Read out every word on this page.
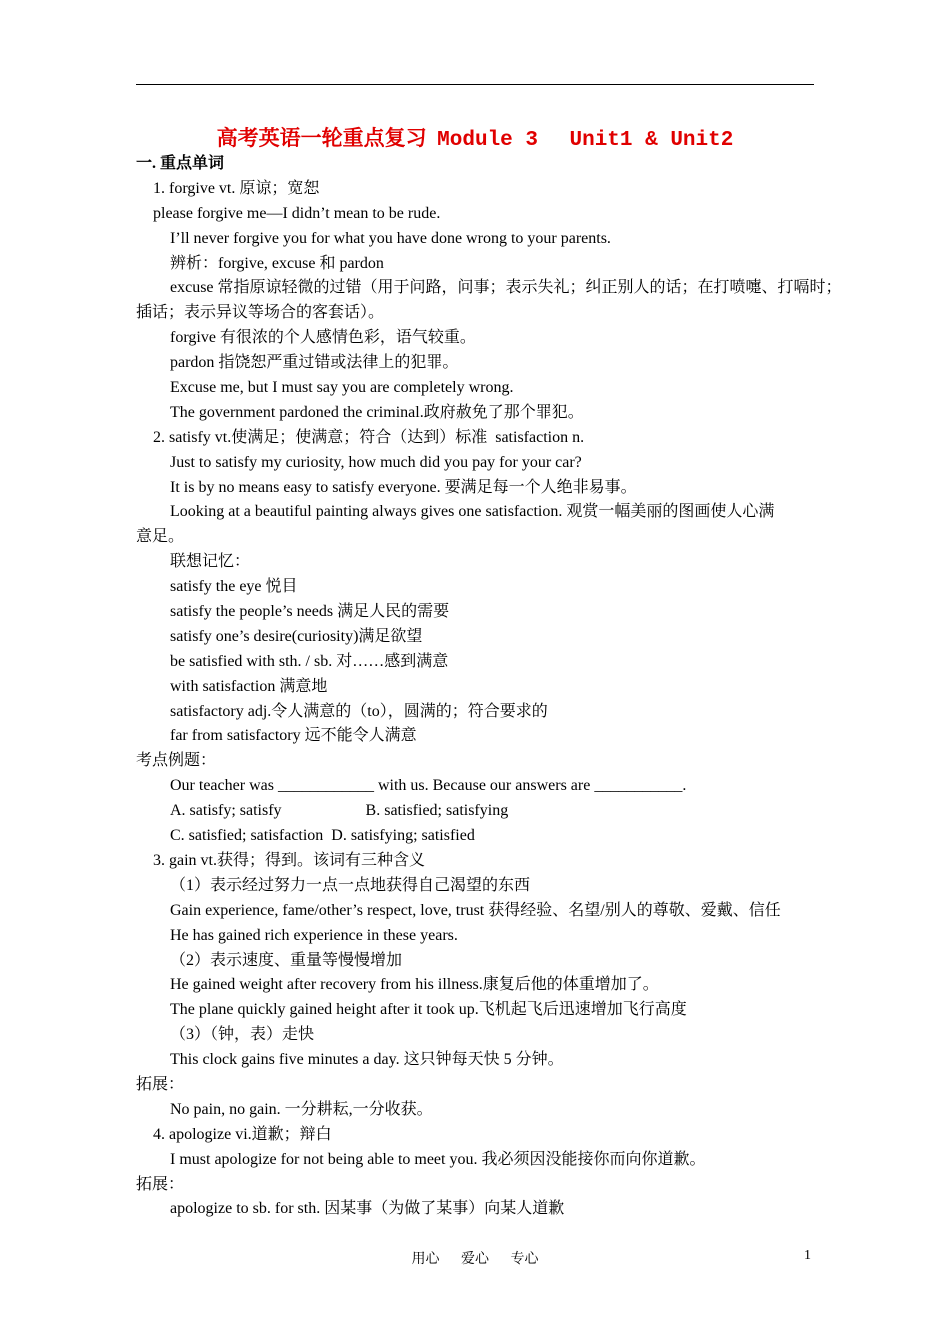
高考英语一轮重点复习 Module 3 Unit1 & Unit2
一. 重点单词
1. forgive vt. 原谅；宽恕
please forgive me—I didn’t mean to be rude.
I’ll never forgive you for what you have done wrong to your parents.
辨析：forgive, excuse 和 pardon
excuse 常指原谅轻微的过错（用于问路，问事；表示失礼；纠正别人的话；在打喷嚏、打嗝时；
插话；表示异议等场合的客套话）。
forgive 有很浓的个人感情色彩，语气较重。
pardon 指饶恕严重过错或法律上的犯罪。
Excuse me, but I must say you are completely wrong.
The government pardoned the criminal.政府赦免了那个罪犯。
2. satisfy vt.使满足；使满意；符合（达到）标准  satisfaction n.
Just to satisfy my curiosity, how much did you pay for your car?
It is by no means easy to satisfy everyone. 要满足每一个人绝非易事。
Looking at a beautiful painting always gives one satisfaction. 观赏一幅美丽的图画使人心满
意足。
联想记忆：
satisfy the eye 悦目
satisfy the people’s needs 满足人民的需要
satisfy one’s desire(curiosity)满足欲望
be satisfied with sth. / sb. 对……感到满意
with satisfaction 满意地
satisfactory adj.令人满意的（to），圆满的；符合要求的
far from satisfactory 远不能令人满意
考点例题：
Our teacher was ____________ with us. Because our answers are ___________.
A. satisfy; satisfy	B. satisfied; satisfying
C. satisfied; satisfaction  D. satisfying; satisfied
3. gain vt.获得；得到。该词有三种含义
（1）表示经过努力一点一点地获得自己渴望的东西
Gain experience, fame/other’s respect, love, trust 获得经验、名望/别人的尊敬、爱戴、信任
He has gained rich experience in these years.
（2）表示速度、重量等慢慢增加
He gained weight after recovery from his illness.康复后他的体重增加了。
The plane quickly gained height after it took up.飞机起飞后迅速增加飞行高度
（3）（钟，表）走快
This clock gains five minutes a day. 这只钟每天快 5 分钟。
拓展：
No pain, no gain. 一分耕耘,一分收获。
4. apologize vi.道歉；辩白
I must apologize for not being able to meet you. 我必须因没能接你而向你道歉。
拓展：
apologize to sb. for sth. 因某事（为做了某事）向某人道歉
用心 爱心 专心	1
